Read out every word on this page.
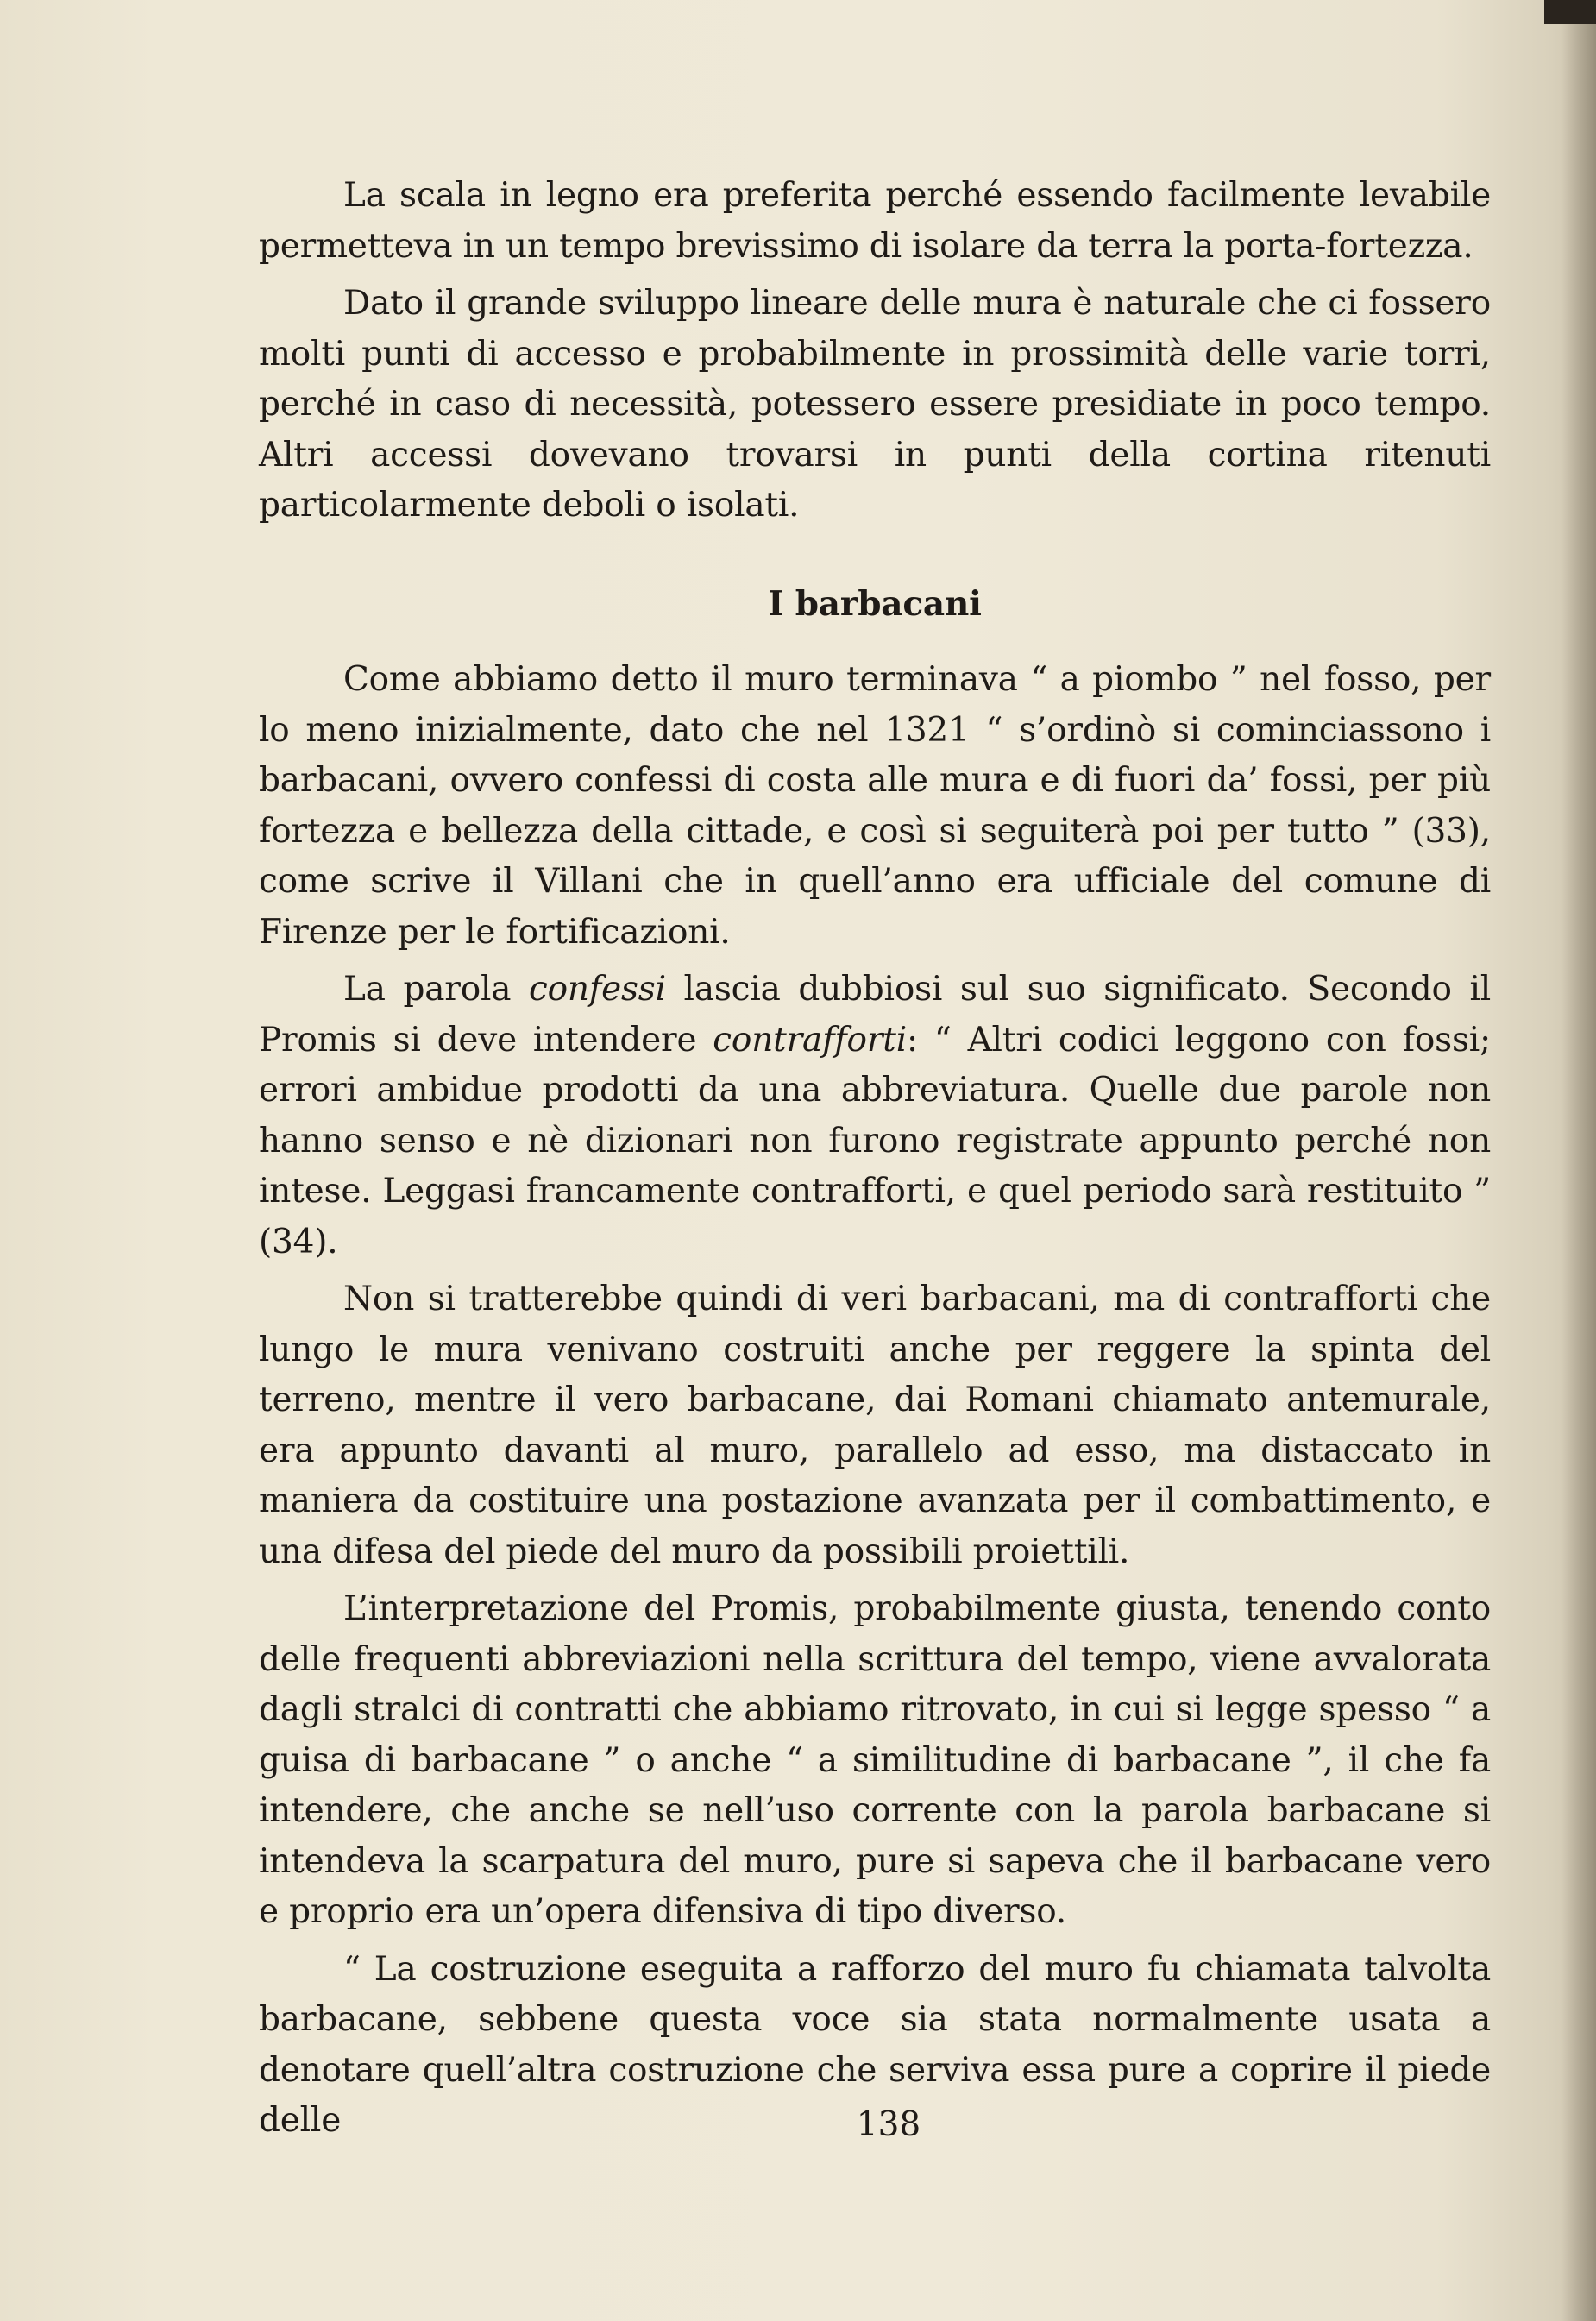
La scala in legno era preferita perché essendo facilmente levabile permetteva in un tempo brevissimo di isolare da terra la porta-fortezza.

Dato il grande sviluppo lineare delle mura è naturale che ci fossero molti punti di accesso e probabilmente in prossimità delle varie torri, perché in caso di necessità, potessero essere presidiate in poco tempo. Altri accessi dovevano trovarsi in punti della cortina ritenuti particolarmente deboli o isolati.

I barbacani

Come abbiamo detto il muro terminava “ a piombo ” nel fosso, per lo meno inizialmente, dato che nel 1321 “ s’ordinò si cominciassono i barbacani, ovvero confessi di costa alle mura e di fuori da’ fossi, per più fortezza e bellezza della cittade, e così si seguiterà poi per tutto ” (33), come scrive il Villani che in quell’anno era ufficiale del comune di Firenze per le fortificazioni.

La parola confessi lascia dubbiosi sul suo significato. Secondo il Promis si deve intendere contrafforti: “ Altri codici leggono con fossi; errori ambidue prodotti da una abbreviatura. Quelle due parole non hanno senso e nè dizionari non furono registrate appunto perché non intese. Leggasi francamente contrafforti, e quel periodo sarà restituito ” (34).

Non si tratterebbe quindi di veri barbacani, ma di contrafforti che lungo le mura venivano costruiti anche per reggere la spinta del terreno, mentre il vero barbacane, dai Romani chiamato antemurale, era appunto davanti al muro, parallelo ad esso, ma distaccato in maniera da costituire una postazione avanzata per il combattimento, e una difesa del piede del muro da possibili proiettili.

L’interpretazione del Promis, probabilmente giusta, tenendo conto delle frequenti abbreviazioni nella scrittura del tempo, viene avvalorata dagli stralci di contratti che abbiamo ritrovato, in cui si legge spesso “ a guisa di barbacane ” o anche “ a similitudine di barbacane ”, il che fa intendere, che anche se nell’uso corrente con la parola barbacane si intendeva la scarpatura del muro, pure si sapeva che il barbacane vero e proprio era un’opera difensiva di tipo diverso.

“ La costruzione eseguita a rafforzo del muro fu chiamata talvolta barbacane, sebbene questa voce sia stata normalmente usata a denotare quell’altra costruzione che serviva essa pure a coprire il piede delle	138
